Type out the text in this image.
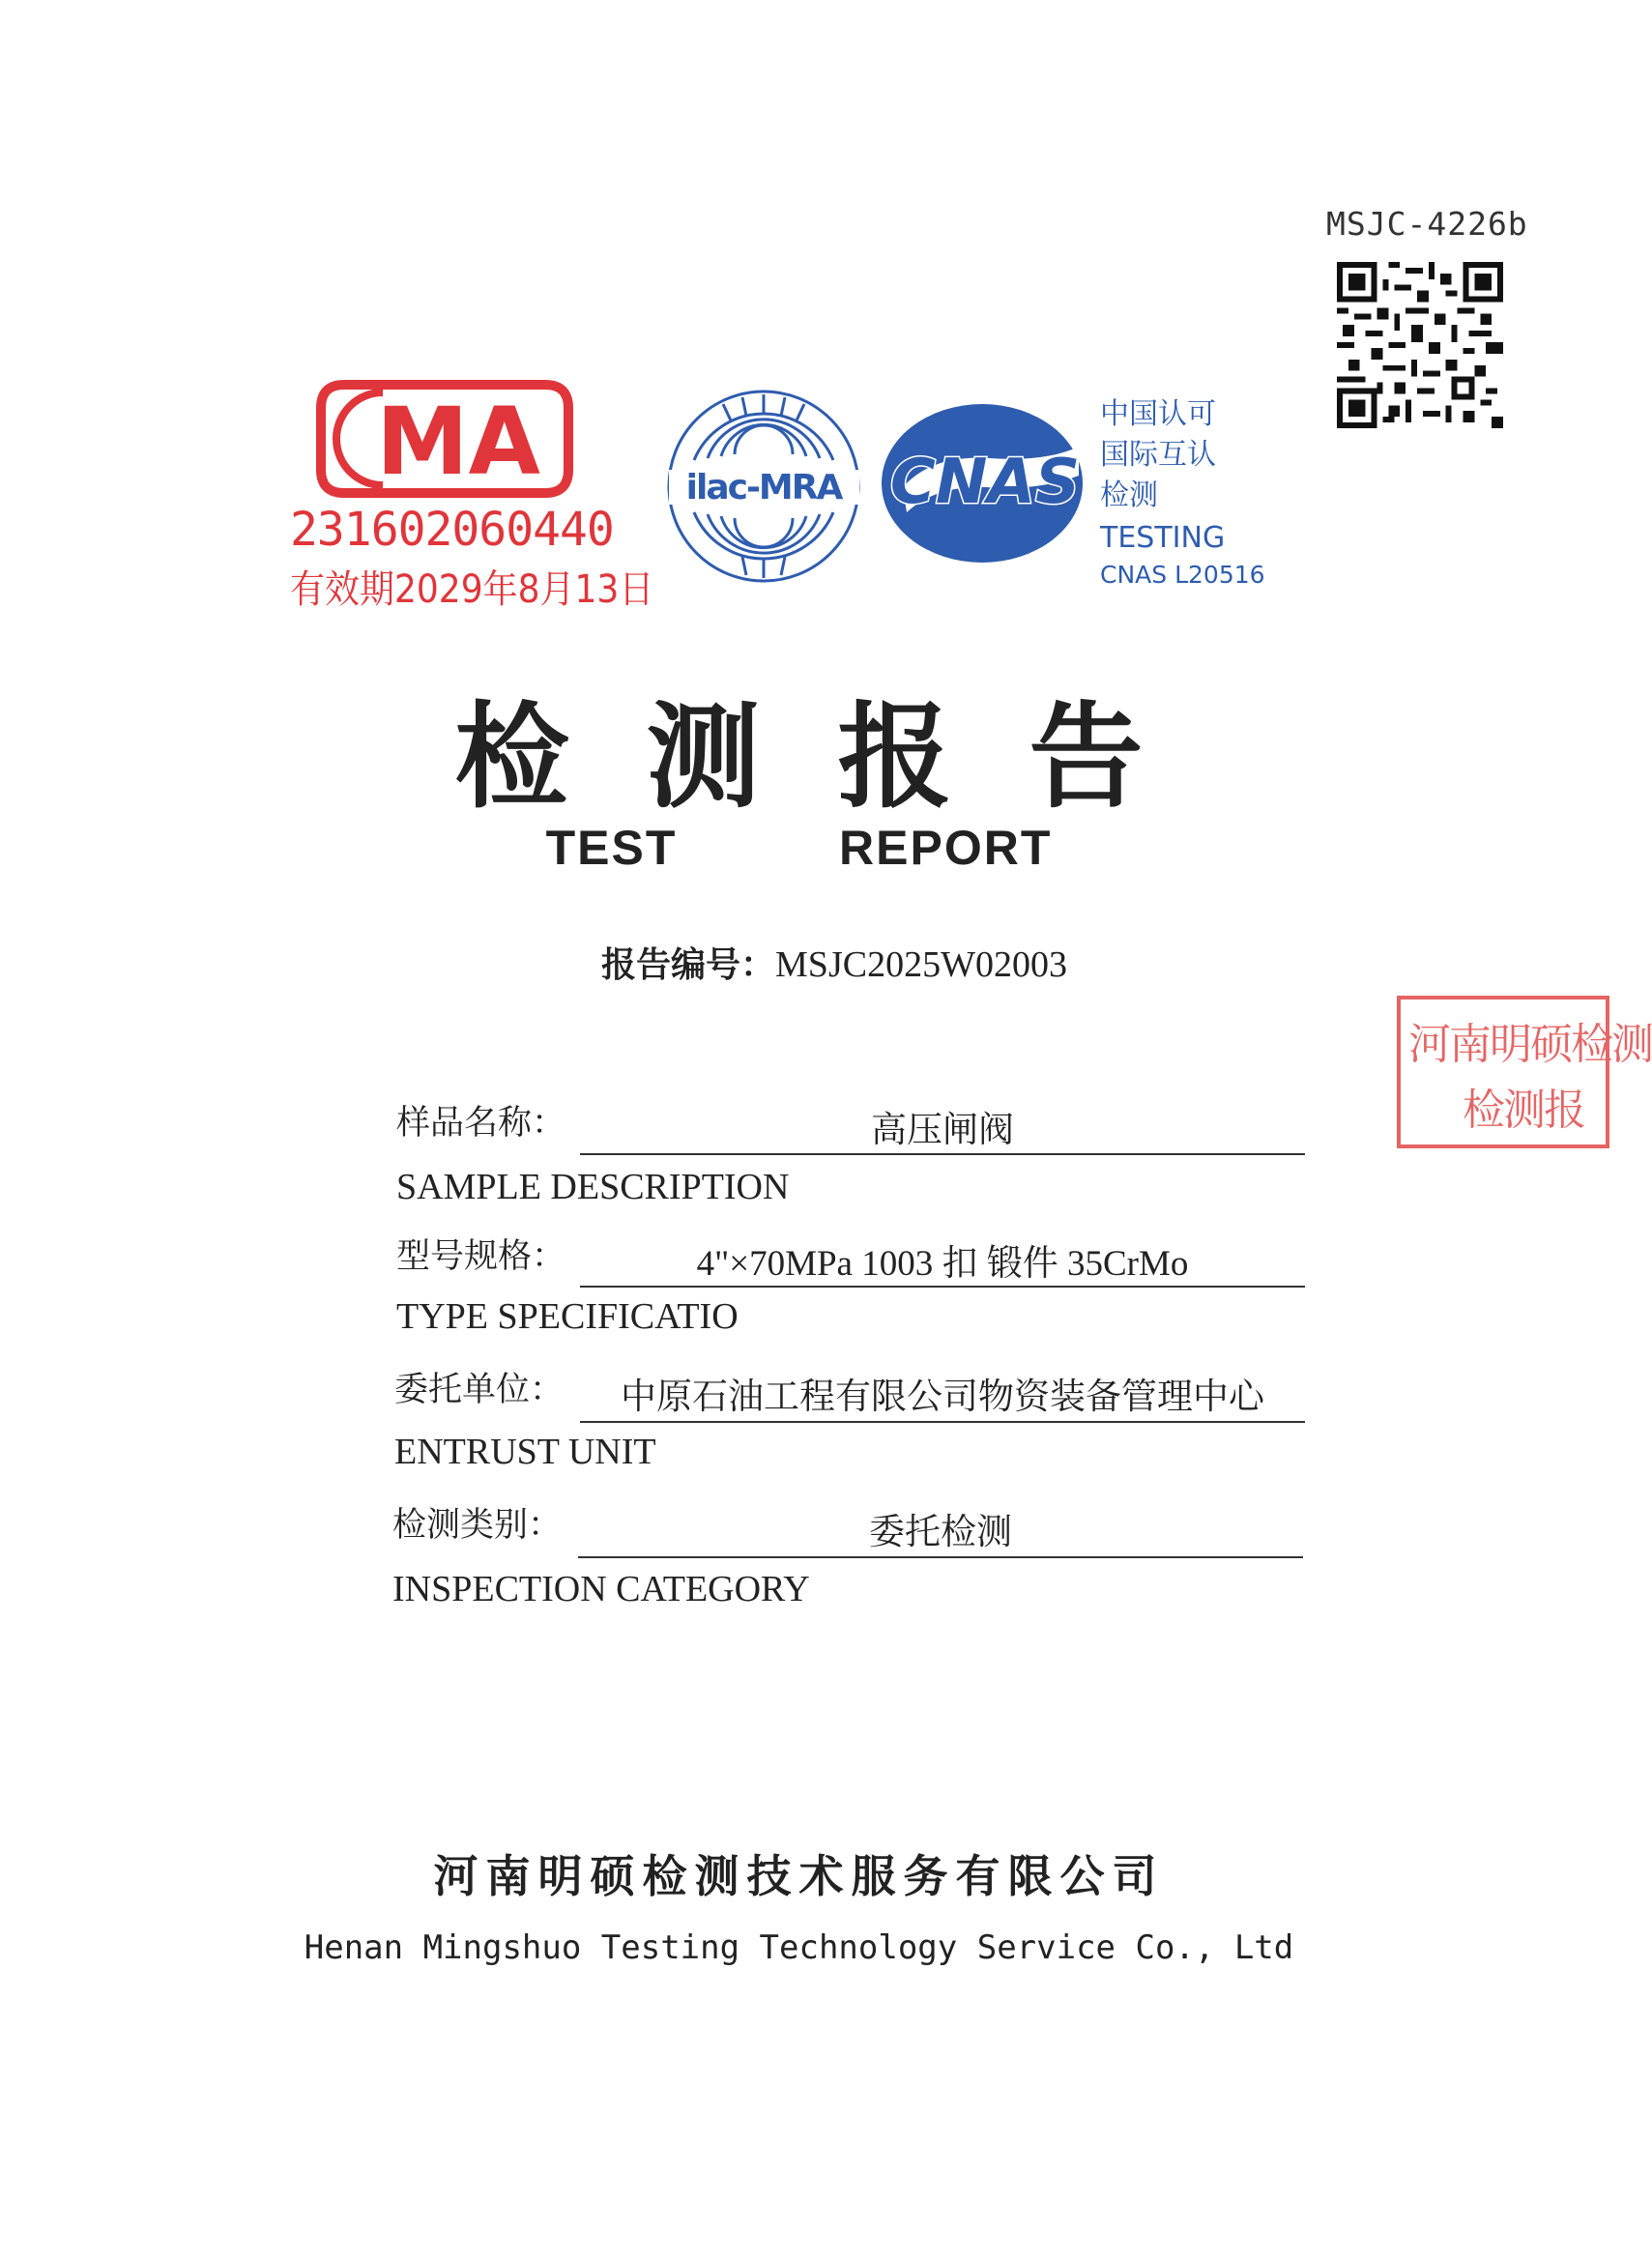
MSJC-4226b
MA
231602060440
有效期2029年8月13日
ilac-MRA CNAS
中国认可
国际互认
检测
TESTING
CNAS L20516
河南明硕检测
检测报
检测报告
TEST   REPORT
报告编号：MSJC2025W02003
样品名称：	高压闸阀
SAMPLE DESCRIPTION
型号规格：	4"×70MPa 1003 扣 锻件 35CrMo
TYPE SPECIFICATIO
委托单位：	中原石油工程有限公司物资装备管理中心
ENTRUST UNIT
检测类别：	委托检测
INSPECTION CATEGORY
河南明硕检测技术服务有限公司
Henan Mingshuo Testing Technology Service Co., Ltd
